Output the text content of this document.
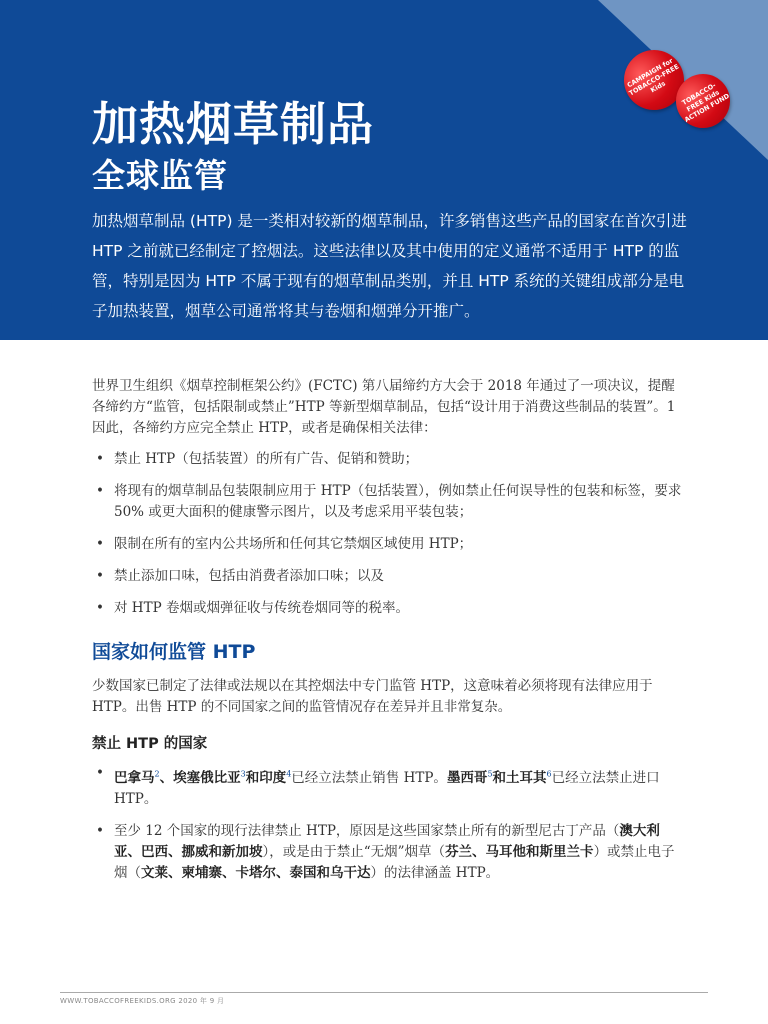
CAMPAIGN for TOBACCO-FREE Kids	TOBACCO-FREE Kids ACTION FUND
加热烟草制品
全球监管
加热烟草制品 (HTP) 是一类相对较新的烟草制品，许多销售这些产品的国家在首次引进 HTP 之前就已经制定了控烟法。这些法律以及其中使用的定义通常不适用于 HTP 的监管，特别是因为 HTP 不属于现有的烟草制品类别，并且 HTP 系统的关键组成部分是电子加热装置，烟草公司通常将其与卷烟和烟弹分开推广。

世界卫生组织《烟草控制框架公约》(FCTC) 第八届缔约方大会于 2018 年通过了一项决议，提醒各缔约方“监管，包括限制或禁止”HTP 等新型烟草制品，包括“设计用于消费这些制品的装置”。1因此，各缔约方应完全禁止 HTP，或者是确保相关法律：

• 禁止 HTP（包括装置）的所有广告、促销和赞助；
• 将现有的烟草制品包装限制应用于 HTP（包括装置），例如禁止任何误导性的包装和标签，要求 50% 或更大面积的健康警示图片，以及考虑采用平装包装；
• 限制在所有的室内公共场所和任何其它禁烟区域使用 HTP；
• 禁止添加口味，包括由消费者添加口味；以及
• 对 HTP 卷烟或烟弹征收与传统卷烟同等的税率。
国家如何监管 HTP

少数国家已制定了法律或法规以在其控烟法中专门监管 HTP，这意味着必须将现有法律应用于 HTP。出售 HTP 的不同国家之间的监管情况存在差异并且非常复杂。

禁止 HTP 的国家
• 巴拿马$^2$、埃塞俄比亚$^3$和印度$^4$已经立法禁止销售 HTP。墨西哥$^5$和土耳其$^6$已经立法禁止进口 HTP。
• 至少 12 个国家的现行法律禁止 HTP，原因是这些国家禁止所有的新型尼古丁产品（澳大利亚、巴西、挪威和新加坡），或是由于禁止“无烟”烟草（芬兰、马耳他和斯里兰卡）或禁止电子烟（文莱、柬埔寨、卡塔尔、泰国和乌干达）的法律涵盖 HTP。
WWW.TOBACCOFREEKIDS.ORG 2020 年 9 月
